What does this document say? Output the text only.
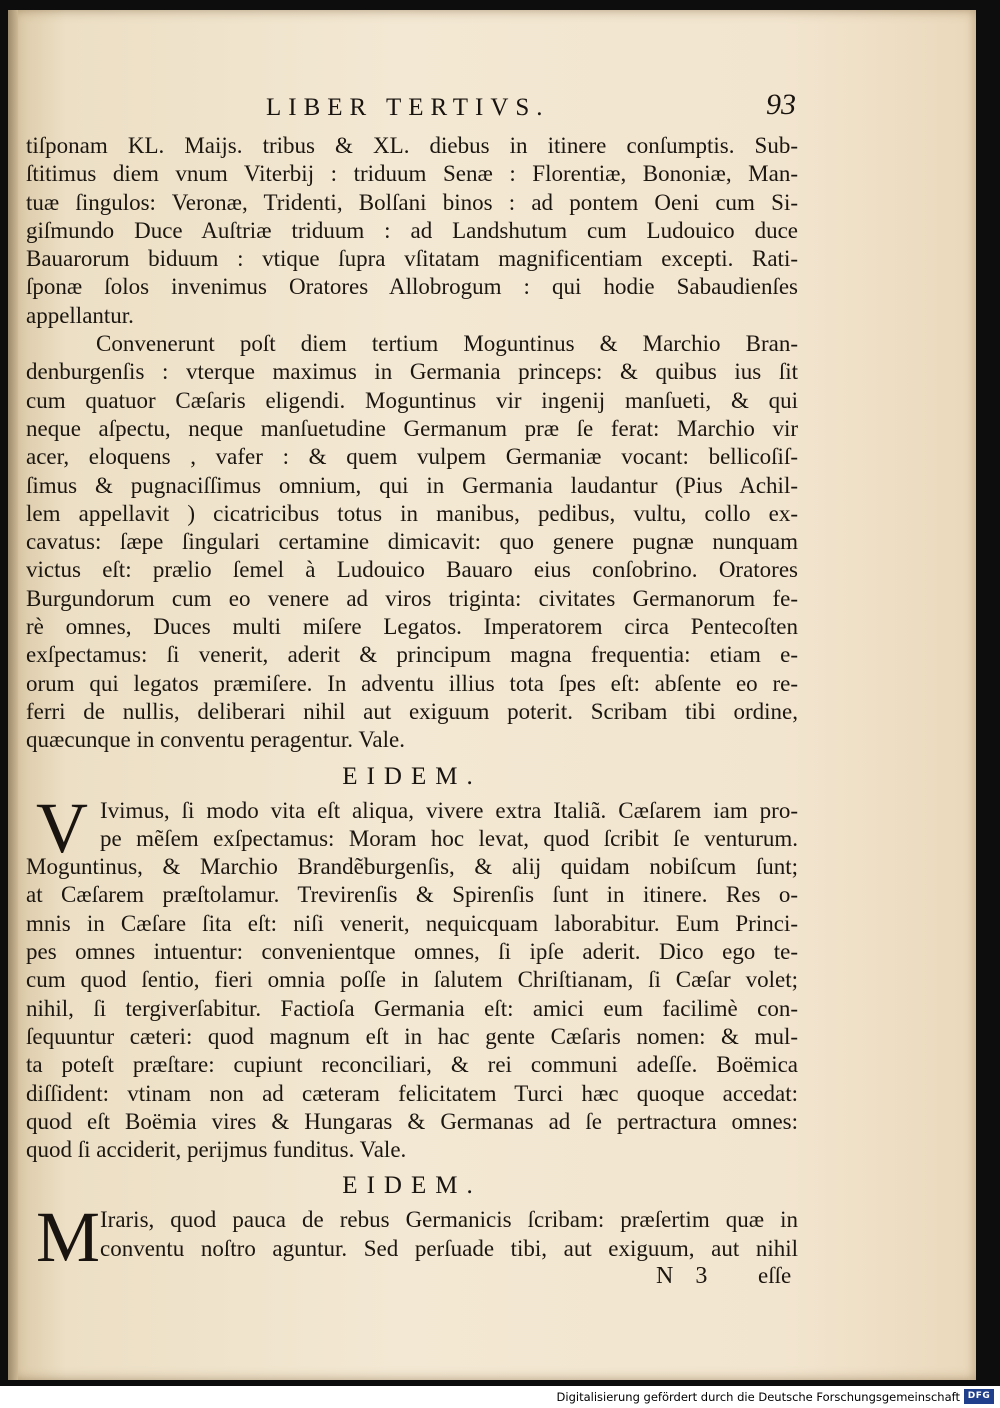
LIBER TERTIVS.	93
tiſponam KL. Maijs. tribus & XL. diebus in itinere conſumptis. Sub-
ſtitimus diem vnum Viterbij : triduum Senæ : Florentiæ, Bononiæ, Man-
tuæ ſingulos: Veronæ, Tridenti, Bolſani binos : ad pontem Oeni cum Si-
giſmundo Duce Auſtriæ triduum : ad Landshutum cum Ludouico duce
Bauarorum biduum : vtique ſupra vſitatam magnificentiam excepti. Rati-
ſponæ ſolos invenimus Oratores Allobrogum : qui hodie Sabaudienſes
appellantur.
Convenerunt poſt diem tertium Moguntinus & Marchio Bran-
denburgenſis : vterque maximus in Germania princeps: & quibus ius ſit
cum quatuor Cæſaris eligendi. Moguntinus vir ingenij manſueti, & qui
neque aſpectu, neque manſuetudine Germanum præ ſe ferat: Marchio vir
acer, eloquens , vafer : & quem vulpem Germaniæ vocant: bellicoſiſ-
ſimus & pugnaciſſimus omnium, qui in Germania laudantur (Pius Achil-
lem appellavit ) cicatricibus totus in manibus, pedibus, vultu, collo ex-
cavatus: ſæpe ſingulari certamine dimicavit: quo genere pugnæ nunquam
victus eſt: prælio ſemel à Ludouico Bauaro eius conſobrino. Oratores
Burgundorum cum eo venere ad viros triginta: civitates Germanorum fe-
rè omnes, Duces multi miſere Legatos. Imperatorem circa Pentecoſten
exſpectamus: ſi venerit, aderit & principum magna frequentia: etiam e-
orum qui legatos præmiſere. In adventu illius tota ſpes eſt: abſente eo re-
ferri de nullis, deliberari nihil aut exiguum poterit. Scribam tibi ordine,
quæcunque in conventu peragentur. Vale.
EIDEM.
V Ivimus, ſi modo vita eſt aliqua, vivere extra Italiã. Cæſarem iam pro-
pe mẽſem exſpectamus: Moram hoc levat, quod ſcribit ſe venturum.
Moguntinus, & Marchio Brandẽburgenſis, & alij quidam nobiſcum ſunt;
at Cæſarem præſtolamur. Trevirenſis & Spirenſis ſunt in itinere. Res o-
mnis in Cæſare ſita eſt: niſi venerit, nequicquam laborabitur. Eum Princi-
pes omnes intuentur: convenientque omnes, ſi ipſe aderit. Dico ego te-
cum quod ſentio, fieri omnia poſſe in ſalutem Chriſtianam, ſi Cæſar volet;
nihil, ſi tergiverſabitur. Factioſa Germania eſt: amici eum facilimè con-
ſequuntur cæteri: quod magnum eſt in hac gente Cæſaris nomen: & mul-
ta poteſt præſtare: cupiunt reconciliari, & rei communi adeſſe. Boëmica
diſſident: vtinam non ad cæteram felicitatem Turci hæc quoque accedat:
quod eſt Boëmia vires & Hungaras & Germanas ad ſe pertractura omnes:
quod ſi acciderit, perijmus funditus. Vale.
EIDEM.
M Iraris, quod pauca de rebus Germanicis ſcribam: præſertim quæ in
conventu noſtro aguntur. Sed perſuade tibi, aut exiguum, aut nihil
N 3 eſſe
Digitalisierung gefördert durch die Deutsche Forschungsgemeinschaft DFG
